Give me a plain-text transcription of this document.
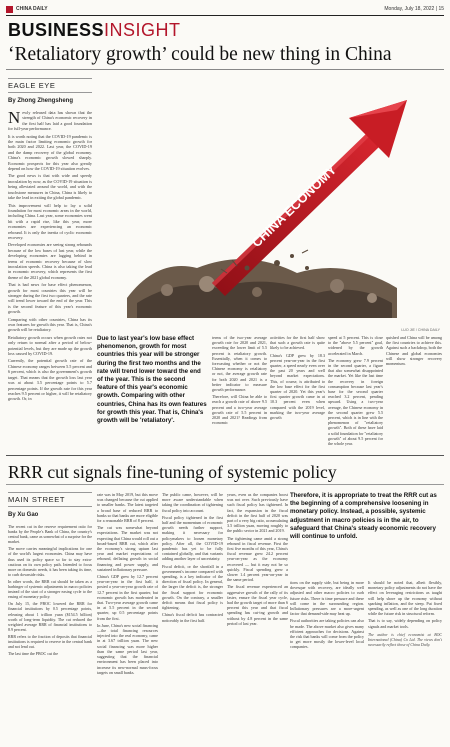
CHINA DAILY	Monday, July 18, 2022 | 15
BUSINESSINSIGHT
‘Retaliatory growth’ could be new thing in China
EAGLE EYE
By Zhong Zhengsheng

Newly released data has shown that the strength of China's economic recovery in the first half has laid a good foundation for full-year performance.

It is worth noting that the COVID-19 pandemic is the main factor limiting economic growth for both 2020 and 2022. Last year, the COVID-19 and the damp recovery of the global economy. China's economic growth slowed sharply. Economic prospects for this year also greatly depend on how the COVID-19 situation evolves.

The good news is that with wide and speedy inoculation by now, as the COVID-19 situation is being alleviated around the world, and with the touchstone measures in China, China is likely to take the lead in exiting the global pandemic.

This improvement will help to lay a solid foundation for most economic areas in the world, including China. Last year, some economies went hit with a rapid rise, like this year, more economies are experiencing an economic rebound. It is only the inertia of cyclic economic recovery.

Developed economies are seeing strong rebounds because of the low bases of last year, while the developing economies are lagging behind in terms of economic recovery because of slow inoculation speeds. China is also taking the lead in economic recovery, which represents the first theme of the 2021 global economy.

That is bad news for base effect phenomenon, growth for most countries this year will be stronger during the first two quarters, and the rate will trend lower toward the end of the year. This is the second feature of this year's economic growth.

Comparing with other countries, China has its own features for growth this year. That is, China's growth will be retaliatory.

Retaliatory growth occurs when growth rates not only return to normal after a period of below-potential levels, but they are made up the growth loss caused by COVID-19.

Currently, the potential growth rate of the Chinese economy ranges between 5.5 percent and 6 percent, which is also the government's growth target. That means that the growth loss last year was at about 3.5 percentage points to 5.7 percentage points. If the growth rate for this year reaches 9.5 percent or higher, it will be retaliatory growth. Or, in

CHINA ECONOMY
LUO JIE / CHINA DAILY
Due to last year's low base effect phenomenon, growth for most countries this year will be stronger during the first two months and the rate will trend lower toward the end of the year. This is the second feature of this year's economic growth. Comparing with other countries, China has its own features for growth this year. That is, China's growth will be 'retaliatory'.

terms of the two-year average growth rate for 2020 and 2021, exceeding the lower limit of 5.5 percent is retaliatory growth. Essentially, when it comes to forecasting whether or not the Chinese economy is retaliatory or not, the average growth rate for both 2020 and 2021 is a better indicator to measure growth performance.

Therefore, will China be able to reach a growth rate of above 9.5 percent and a two-year average growth rate of 5.5 percent in 2020 and 2021? Readings from economic

activities for the first half show that such a growth rate is quite likely to be achieved.

China's GDP grew by 18.3 percent year-on-year in the first quarter, a speed nearly even over the past 20 years and well beyond market expectations. This, of course, is attributed to the low base effect for the first quarter of 2020. Yet this year's first quarter growth came in at 10.3 percent even when compared with the 2019 level, marking the two-year average growth

speed at 5 percent. This is close to the "above 5.5 percent" goal, widened by the growth accelerated in March.

The economy grew 7.9 percent in the second quarter, a figure that also somewhat disappointed the market. Yet like the last time the recovery in foreign consumption because last year's base for the second quarter reached 3.2 percent, pending upward. Using a two-year average, the Chinese economy in the second quarter grew 5.5 percent, which is in line with the phenomenon of "retaliatory growth". Both of these have laid a solid foundation for "retaliatory growth" of about 9.5 percent for the whole year.

quished and China will be among the first countries to achieve this. Against such a backdrop, both the Chinese and global economies will show stronger recovery momentum.

RRR cut signals fine-tuning of systemic policy
MAIN STREET
By Xu Gao

The recent cut in the reserve requirement ratio for banks by the People's Bank of China, the country's central bank, came as somewhat of a surprise for the market.

The move carries meaningful implications for one of the world's largest economies. China may have thus used its policy space so far to stay extra-cautious on its own policy path. Intended to focus more on domestic needs, it has been taking its time, to curb downside risks.

In other words, the RRR cut should be taken as a harbinger of systemic adjustments in macro policies instead of the start of a stronger easing cycle to the easing of monetary policy.

On July 15, the PBOC lowered the RRR for financial institutions by 0.5 percentage points, releasing about 1 trillion yuan ($154.5 billion) worth of long-term liquidity. The cut reduced the weighted average RRR of financial institutions to 8.9 percent.

RRR refers to the fraction of deposits that financial institutions is required to reserve in the central bank and not lend out.

The last time the PBOC cut the

rate was in May 2019, but this move was changed because the cut applied to smaller banks. The latest targeted a broad base of reduced RRR to banks so that banks are more eligible for a reasonable RRR of 8 percent.

The cut was somewhat beyond expectations. The market was not expecting that China would roll out a broad-based RRR cut, which after the economy's strong upturn last year and market expectations of rebound, deflating growth in social financing and power supply, and sustained inflationary pressure.

China's GDP grew by 12.7 percent year-on-year in the first half, it posted a year-on-year growth rate of 12.7 percent in the first quarter, but economic growth has moderated in that. Two-year average growth came in at 5.5 percent in the second quarter, up 0.5 percentage points from the first.

In June, China's new social financing—the total financing resources injected into the real economy, came in at 3.67 trillion yuan. The new social financing was more higher than the same period last year, suggesting that the financial environment has been placed into increase its new-normal mass-focus targets on small banks.

The public came, however, will be more aware understandable when taking the coordination of tightening fiscal policy into account.

Fiscal policy tightened in the first half and the momentum of economic growth needs further support, making it necessary for policymakers to loosen monetary policy. After all, the COVID-19 pandemic has yet to be fully contained globally, and that variants adding another layer of uncertainty.

Fiscal deficit, or the shortfall in a government's income compared with spending, is a key indicator of the direction of fiscal policy. In general, the larger the deficit is, the stronger the fiscal support for economic growth. On the contrary, a smaller deficit means that fiscal policy is tightening.

China's fiscal deficit has contracted noticeably in the first half.

years, even as the companies boost was not over. Such previously have such fiscal policy has tightened. In fact, the expansion in the fiscal deficit in the first half of 2020 was part of a very big ratio, accumulating 3.5 trillion yuan, moving roughly to the public sector in 2021 and 2019.

The tightening came amid a strong rebound in fiscal revenue. First the first five months of this year, China's fiscal revenue grew 24.2 percent year-on-year as the economy recovered — but it may not be so quickly. Fiscal spending grew a slower 1.4 percent year-on-year in the same period.

The fiscal revenue experienced an aggressive growth of the rally of its faster, ensure the fiscal year cycle, had the growth target of more than 6 percent this year and that fiscal spending has cut-ing growth and without by 4.8 percent in the same period of last year.

Therefore, it is appropriate to treat the RRR cut as the beginning of a comprehensive loosening in monetary policy. Instead, a possible, systemic adjustment in macro policies is in the air, to safeguard that China's steady economic recovery will continue to unfold.

tions on the supply side, but being in more dovesque with recovery, are ideally well adjusted and other macro policies to curb future risks. There is time pressure and these will come in the surrounding region. Inflationary pressures are a more-urgent factor that demand-side may heat up.

Fiscal authorities are taking policies can also be made. The above market also gives many efficient approaches for decisions. Against the risk that banks will come from the policy to get more mostly the lower-level local companies.

It should be noted that, albeit flexibly, monetary policy adjustments do not have the effect on leveraging restrictions as taught will help shore up the economy without sparking inflation, and the steep. Put fixed spending, as well as one of the long duration while the future risk in structural reform.

That is to say, widely depending on policy signals and market tools.

The author is chief economist at BOC International (China) Co Ltd. The views don't necessarily reflect those of China Daily.
